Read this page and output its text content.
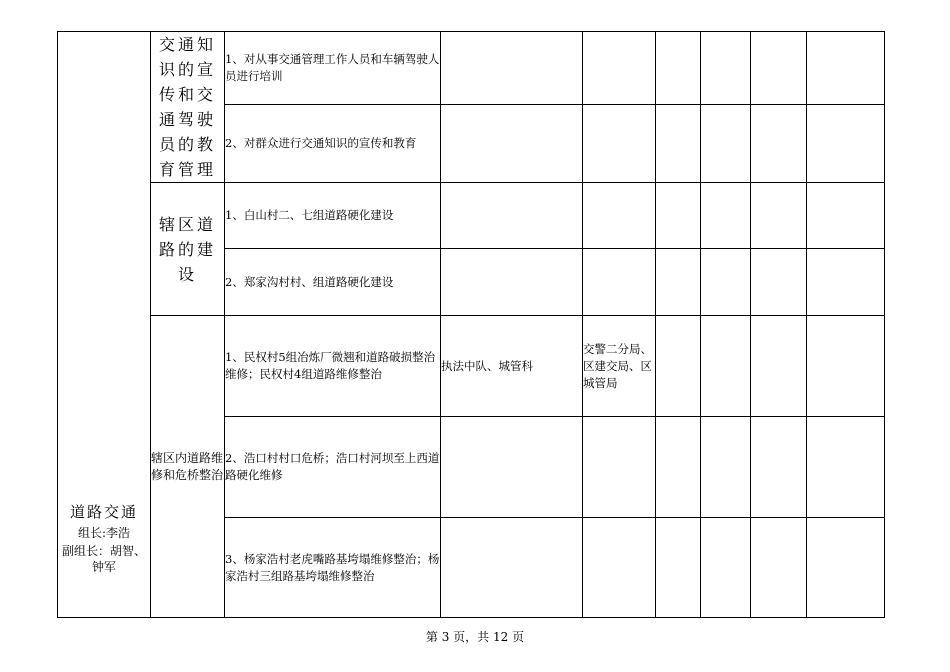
道路交通
组长:李浩
副组长：胡智、钟军	交通知识的宣传和交通驾驶员的教育管理	1、对从事交通管理工作人员和车辆驾驶人员进行培训						
		2、对群众进行交通知识的宣传和教育						
	辖区道路的建设	1、白山村二、七组道路硬化建设						
		2、郑家沟村村、组道路硬化建设						
	辖区内道路维修和危桥整治	1、民权村5组冶炼厂微翘和道路破损整治维修；民权村4组道路维修整治	执法中队、城管科	交警二分局、区建交局、区城管局				
		2、浩口村村口危桥；浩口村河坝至上西道路硬化维修						
		3、杨家浩村老虎嘴路基垮塌维修整治；杨家浩村三组路基垮塌维修整治						
第 3 页，共 12 页
